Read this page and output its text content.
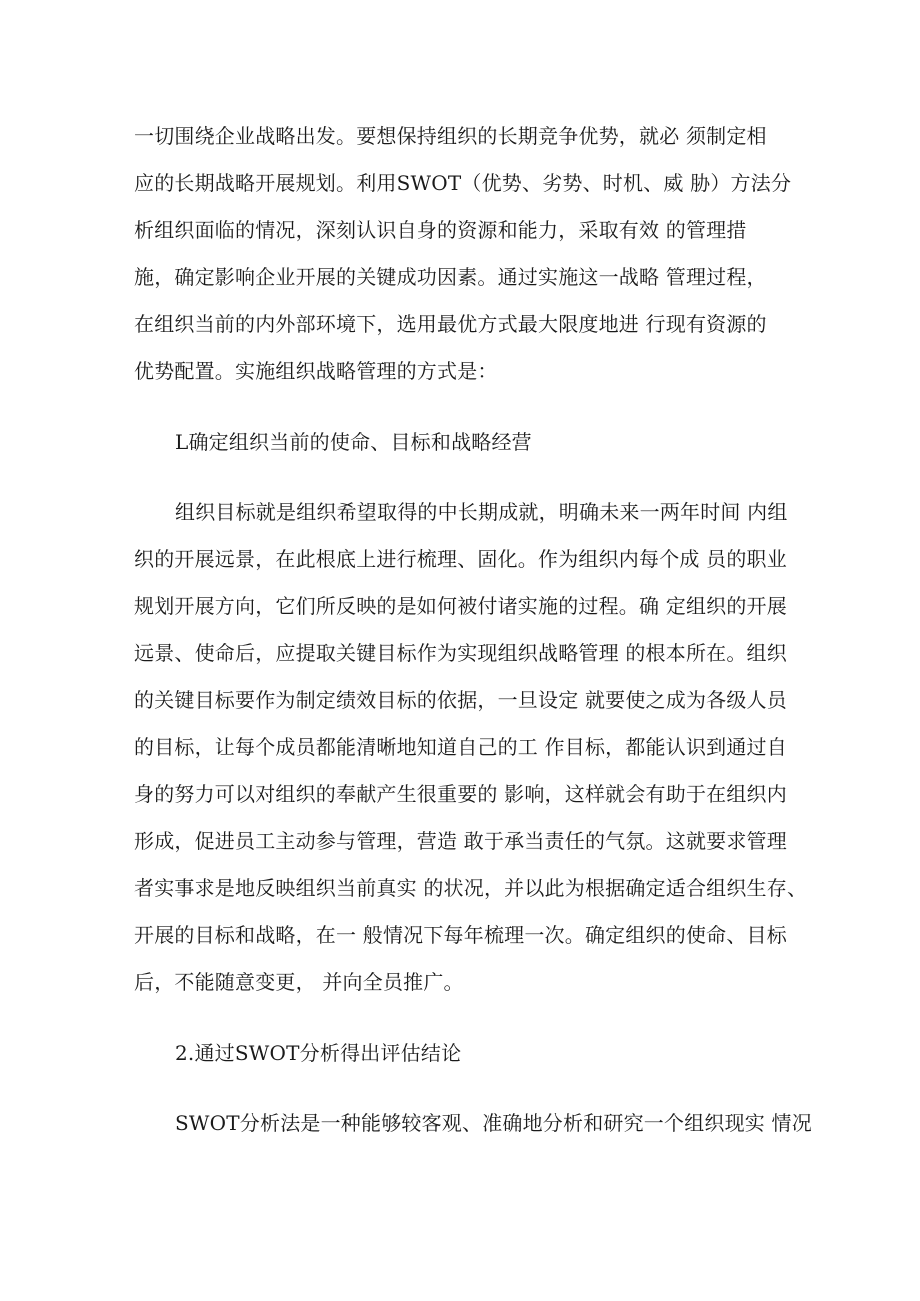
一切围绕企业战略出发。要想保持组织的长期竞争优势，就必 须制定相
应的长期战略开展规划。利用SWOT（优势、劣势、时机、威 胁）方法分
析组织面临的情况，深刻认识自身的资源和能力，采取有效 的管理措
施，确定影响企业开展的关键成功因素。通过实施这一战略 管理过程，
在组织当前的内外部环境下，选用最优方式最大限度地进 行现有资源的
优势配置。实施组织战略管理的方式是：
L确定组织当前的使命、目标和战略经营
组织目标就是组织希望取得的中长期成就，明确未来一两年时间 内组
织的开展远景，在此根底上进行梳理、固化。作为组织内每个成 员的职业
规划开展方向，它们所反映的是如何被付诸实施的过程。确 定组织的开展
远景、使命后，应提取关键目标作为实现组织战略管理 的根本所在。组织
的关键目标要作为制定绩效目标的依据，一旦设定 就要使之成为各级人员
的目标，让每个成员都能清晰地知道自己的工 作目标，都能认识到通过自
身的努力可以对组织的奉献产生很重要的 影响，这样就会有助于在组织内
形成，促进员工主动参与管理，营造 敢于承当责任的气氛。这就要求管理
者实事求是地反映组织当前真实 的状况，并以此为根据确定适合组织生存、
开展的目标和战略，在一 般情况下每年梳理一次。确定组织的使命、目标
后，不能随意变更， 并向全员推广。
2.通过SWOT分析得出评估结论
SWOT分析法是一种能够较客观、准确地分析和研究一个组织现实 情况
